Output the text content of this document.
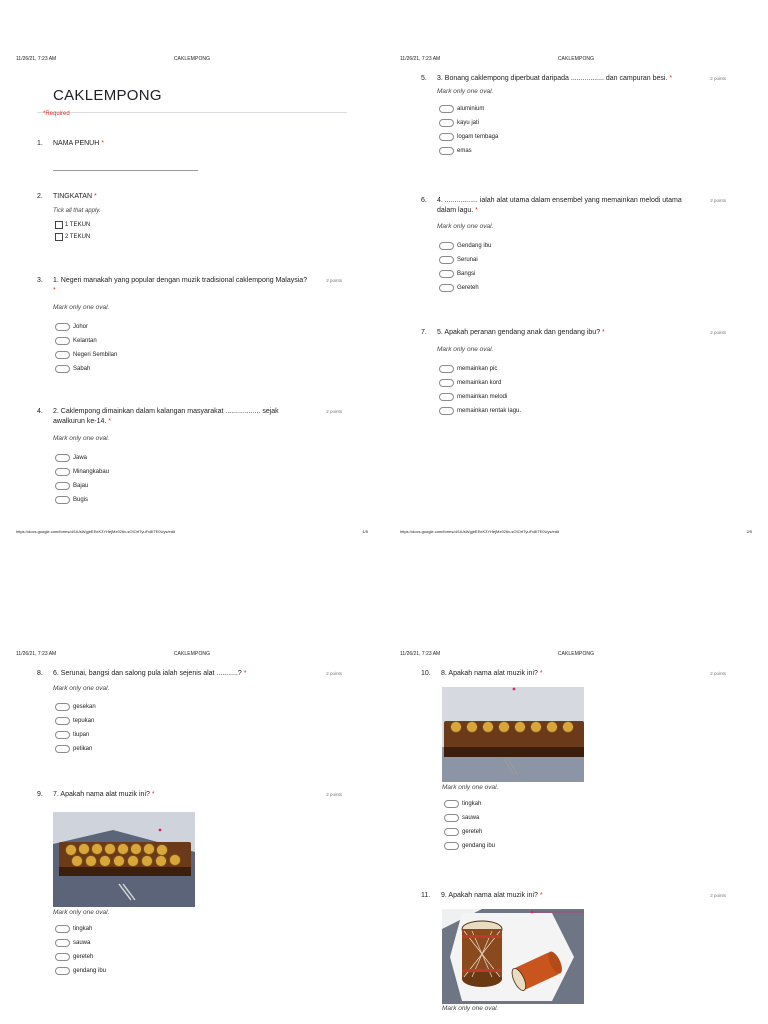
11/26/21, 7:23 AM	CAKLEMPONG
CAKLEMPONG
*Required
1. NAMA PENUH *
2. TINGKATAN *
Tick all that apply.
1 TEKUN
2 TEKUN
3. 1. Negeri manakah yang popular dengan muzik tradisional caklempong Malaysia? *
2 points
Mark only one oval.
Johor
Kelantan
Negeri Sembilan
Sabah
4. 2. Caklempong dimainkan dalam kalangan masyarakat .................. sejak awalkurun ke-14. *
2 points
Mark only one oval.
Jawa
Minangkabau
Bajau
Bugis
https://docs.google.com/forms/d/1iUsWgjeEEeK3YHejMz926v-sOIOrfTyuFv8lTE0Uys/edit	1/5
11/26/21, 7:23 AM	CAKLEMPONG
5. 3. Bonang caklempong diperbuat daripada ................. dan campuran besi. *	2 points
Mark only one oval.
aluminium
kayu jati
logam tembaga
emas
6. 4. ................. ialah alat utama dalam ensembel yang memainkan melodi utama dalam lagu. *
2 points
Mark only one oval.
Gendang ibu
Serunai
Bangsi
Gereteh
7. 5. Apakah peranan gendang anak dan gendang ibu? *	2 points
Mark only one oval.
memainkan pic
memainkan kord
memainkan melodi
memainkan rentak lagu.
https://docs.google.com/forms/d/1iUsWgjeEEeK3YHejMz926v-sOIOrfTyuFv8lTE0Uys/edit	2/5
11/26/21, 7:23 AM	CAKLEMPONG
8. 6. Serunai, bangsi dan salong pula ialah sejenis alat ...........? *	2 points
Mark only one oval.
gesekan
tepukan
tiupan
petikan
9. 7. Apakah nama alat muzik ini? *	2 points
Mark only one oval.
tingkah
sauwa
gereteh
gendang ibu
11/26/21, 7:23 AM	CAKLEMPONG
10. 8. Apakah nama alat muzik ini? *	2 points
Mark only one oval.
tingkah
sauwa
gereteh
gendang ibu
11. 9. Apakah nama alat muzik ini? *	2 points
Mark only one oval.
